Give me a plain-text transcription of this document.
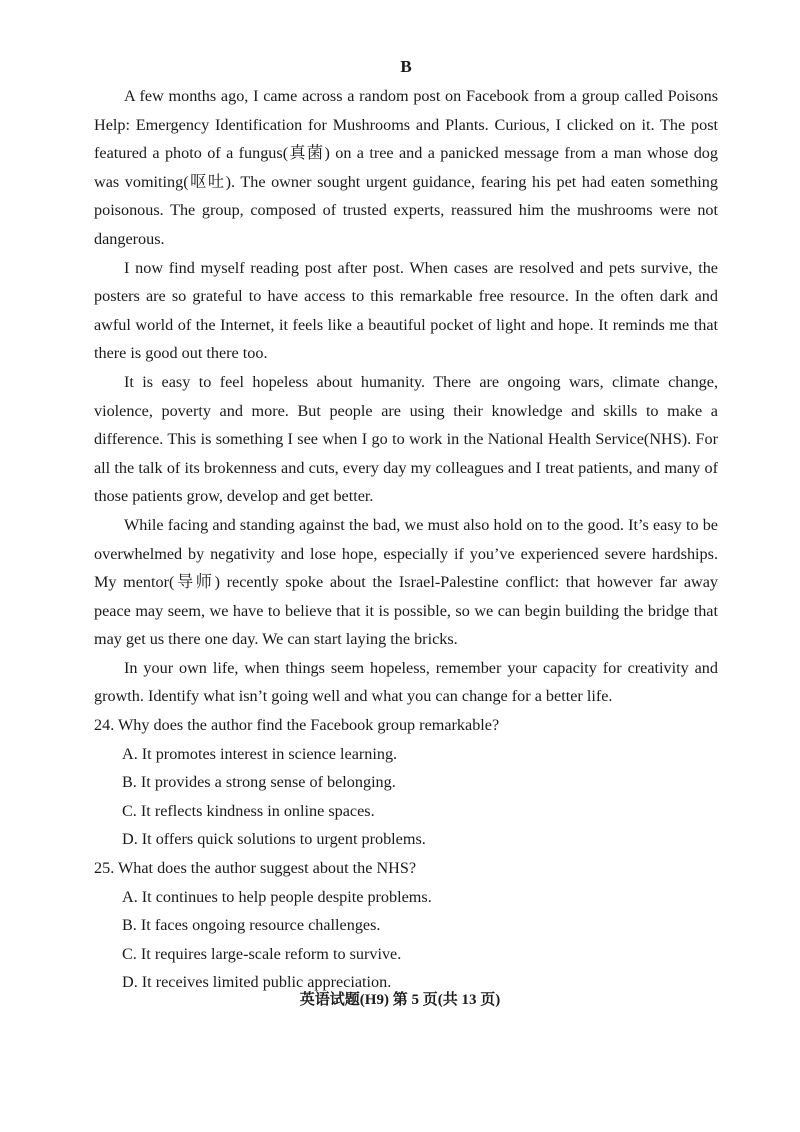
B

A few months ago, I came across a random post on Facebook from a group called Poisons Help: Emergency Identification for Mushrooms and Plants. Curious, I clicked on it. The post featured a photo of a fungus(真菌) on a tree and a panicked message from a man whose dog was vomiting(呕吐). The owner sought urgent guidance, fearing his pet had eaten something poisonous. The group, composed of trusted experts, reassured him the mushrooms were not dangerous.

I now find myself reading post after post. When cases are resolved and pets survive, the posters are so grateful to have access to this remarkable free resource. In the often dark and awful world of the Internet, it feels like a beautiful pocket of light and hope. It reminds me that there is good out there too.

It is easy to feel hopeless about humanity. There are ongoing wars, climate change, violence, poverty and more. But people are using their knowledge and skills to make a difference. This is something I see when I go to work in the National Health Service(NHS). For all the talk of its brokenness and cuts, every day my colleagues and I treat patients, and many of those patients grow, develop and get better.

While facing and standing against the bad, we must also hold on to the good. It’s easy to be overwhelmed by negativity and lose hope, especially if you’ve experienced severe hardships. My mentor(导师) recently spoke about the Israel-Palestine conflict: that however far away peace may seem, we have to believe that it is possible, so we can begin building the bridge that may get us there one day. We can start laying the bricks.

In your own life, when things seem hopeless, remember your capacity for creativity and growth. Identify what isn’t going well and what you can change for a better life.

24. Why does the author find the Facebook group remarkable?

A. It promotes interest in science learning.

B. It provides a strong sense of belonging.

C. It reflects kindness in online spaces.

D. It offers quick solutions to urgent problems.

25. What does the author suggest about the NHS?

A. It continues to help people despite problems.

B. It faces ongoing resource challenges.

C. It requires large-scale reform to survive.

D. It receives limited public appreciation.

英语试题(H9) 第 5 页(共 13 页)
